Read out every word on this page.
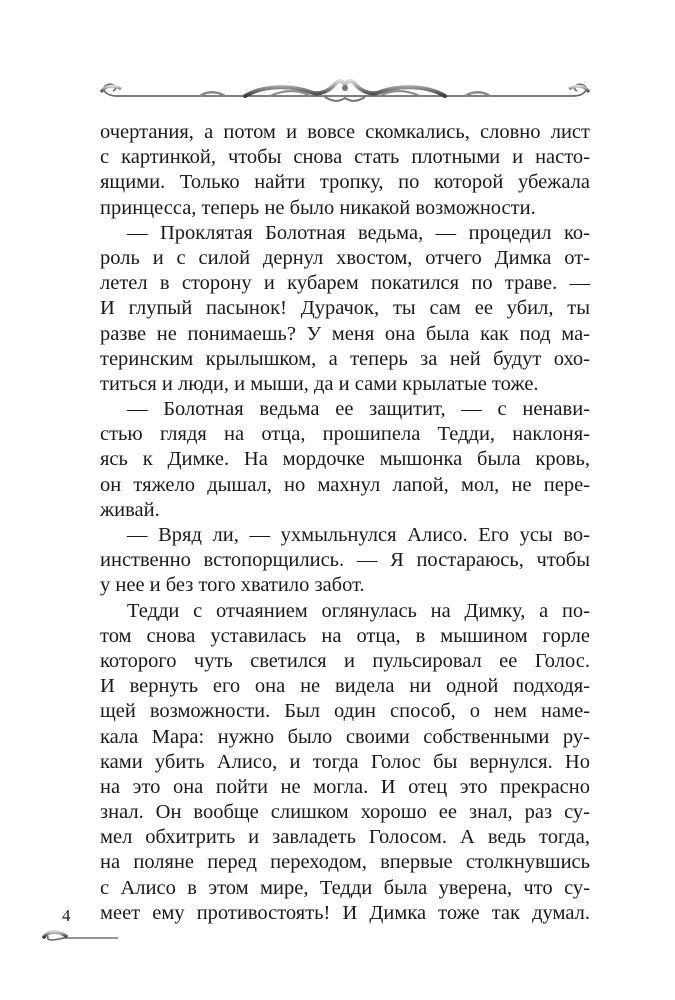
очертания, а потом и вовсе скомкались, словно лист
с картинкой, чтобы снова стать плотными и насто-
ящими. Только найти тропку, по которой убежала
принцесса, теперь не было никакой возможности.
— Проклятая Болотная ведьма, — процедил ко-
роль и с силой дернул хвостом, отчего Димка от-
летел в сторону и кубарем покатился по траве. —
И глупый пасынок! Дурачок, ты сам ее убил, ты
разве не понимаешь? У меня она была как под ма-
теринским крылышком, а теперь за ней будут охо-
титься и люди, и мыши, да и сами крылатые тоже.
— Болотная ведьма ее защитит, — с ненави-
стью глядя на отца, прошипела Тедди, наклоня-
ясь к Димке. На мордочке мышонка была кровь,
он тяжело дышал, но махнул лапой, мол, не пере-
живай.
— Вряд ли, — ухмыльнулся Алисо. Его усы во-
инственно встопорщились. — Я постараюсь, чтобы
у нее и без того хватило забот.
Тедди с отчаянием оглянулась на Димку, а по-
том снова уставилась на отца, в мышином горле
которого чуть светился и пульсировал ее Голос.
И вернуть его она не видела ни одной подходя-
щей возможности. Был один способ, о нем наме-
кала Мара: нужно было своими собственными ру-
ками убить Алисо, и тогда Голос бы вернулся. Но
на это она пойти не могла. И отец это прекрасно
знал. Он вообще слишком хорошо ее знал, раз су-
мел обхитрить и завладеть Голосом. А ведь тогда,
на поляне перед переходом, впервые столкнувшись
с Алисо в этом мире, Тедди была уверена, что су-
меет ему противостоять! И Димка тоже так думал.
4
